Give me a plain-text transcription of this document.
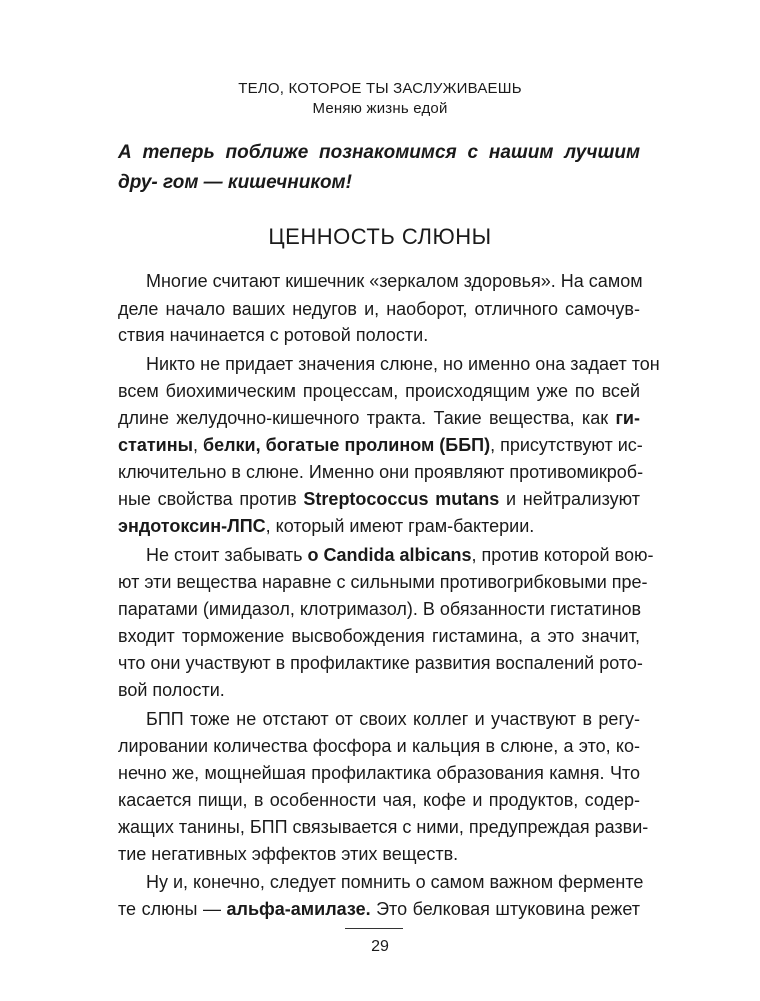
ТЕЛО, КОТОРОЕ ТЫ ЗАСЛУЖИВАЕШЬ
Меняю жизнь едой
А теперь поближе познакомимся с нашим лучшим дру- гом — кишечником!
ЦЕННОСТЬ СЛЮНЫ
Многие считают кишечник «зеркалом здоровья». На самом
деле начало ваших недугов и, наоборот, отличного самочув-
ствия начинается с ротовой полости.
Никто не придает значения слюне, но именно она задает тон
всем биохимическим процессам, происходящим уже по всей
длине желудочно-кишечного тракта. Такие вещества, как ги-
статины, белки, богатые пролином (ББП), присутствуют ис-
ключительно в слюне. Именно они проявляют противомикроб-
ные свойства против Streptococcus mutans и нейтрализуют
эндотоксин-ЛПС, который имеют грам-бактерии.
Не стоит забывать о Candida albicans, против которой вою-
ют эти вещества наравне с сильными противогрибковыми пре-
паратами (имидазол, клотримазол). В обязанности гистатинов
входит торможение высвобождения гистамина, а это значит,
что они участвуют в профилактике развития воспалений рото-
вой полости.
БПП тоже не отстают от своих коллег и участвуют в регу-
лировании количества фосфора и кальция в слюне, а это, ко-
нечно же, мощнейшая профилактика образования камня. Что
касается пищи, в особенности чая, кофе и продуктов, содер-
жащих танины, БПП связывается с ними, предупреждая разви-
тие негативных эффектов этих веществ.
Ну и, конечно, следует помнить о самом важном ферменте
те слюны — альфа-амилазе. Это белковая штуковина режет
29
